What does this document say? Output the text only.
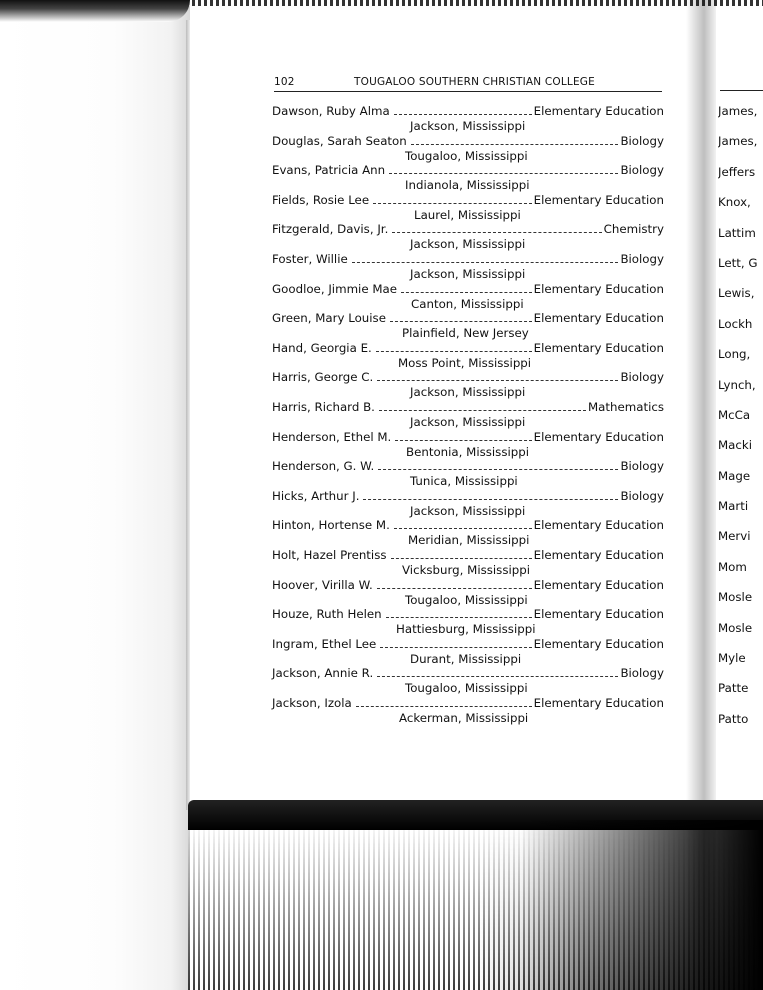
102	TOUGALOO SOUTHERN CHRISTIAN COLLEGE
Dawson, Ruby Alma	Elementary Education
Jackson, Mississippi
Douglas, Sarah Seaton	Biology
Tougaloo, Mississippi
Evans, Patricia Ann	Biology
Indianola, Mississippi
Fields, Rosie Lee	Elementary Education
Laurel, Mississippi
Fitzgerald, Davis, Jr.	Chemistry
Jackson, Mississippi
Foster, Willie	Biology
Jackson, Mississippi
Goodloe, Jimmie Mae	Elementary Education
Canton, Mississippi
Green, Mary Louise	Elementary Education
Plainfield, New Jersey
Hand, Georgia E.	Elementary Education
Moss Point, Mississippi
Harris, George C.	Biology
Jackson, Mississippi
Harris, Richard B.	Mathematics
Jackson, Mississippi
Henderson, Ethel M.	Elementary Education
Bentonia, Mississippi
Henderson, G. W.	Biology
Tunica, Mississippi
Hicks, Arthur J.	Biology
Jackson, Mississippi
Hinton, Hortense M.	Elementary Education
Meridian, Mississippi
Holt, Hazel Prentiss	Elementary Education
Vicksburg, Mississippi
Hoover, Virilla W.	Elementary Education
Tougaloo, Mississippi
Houze, Ruth Helen	Elementary Education
Hattiesburg, Mississippi
Ingram, Ethel Lee	Elementary Education
Durant, Mississippi
Jackson, Annie R.	Biology
Tougaloo, Mississippi
Jackson, Izola	Elementary Education
Ackerman, Mississippi
James,
James,
Jeffers
Knox,
Lattim
Lett, G
Lewis,
Lockh
Long,
Lynch,
McCa
Macki
Mage
Marti
Mervi
Mom
Mosle
Mosle
Myle
Patte
Patto
